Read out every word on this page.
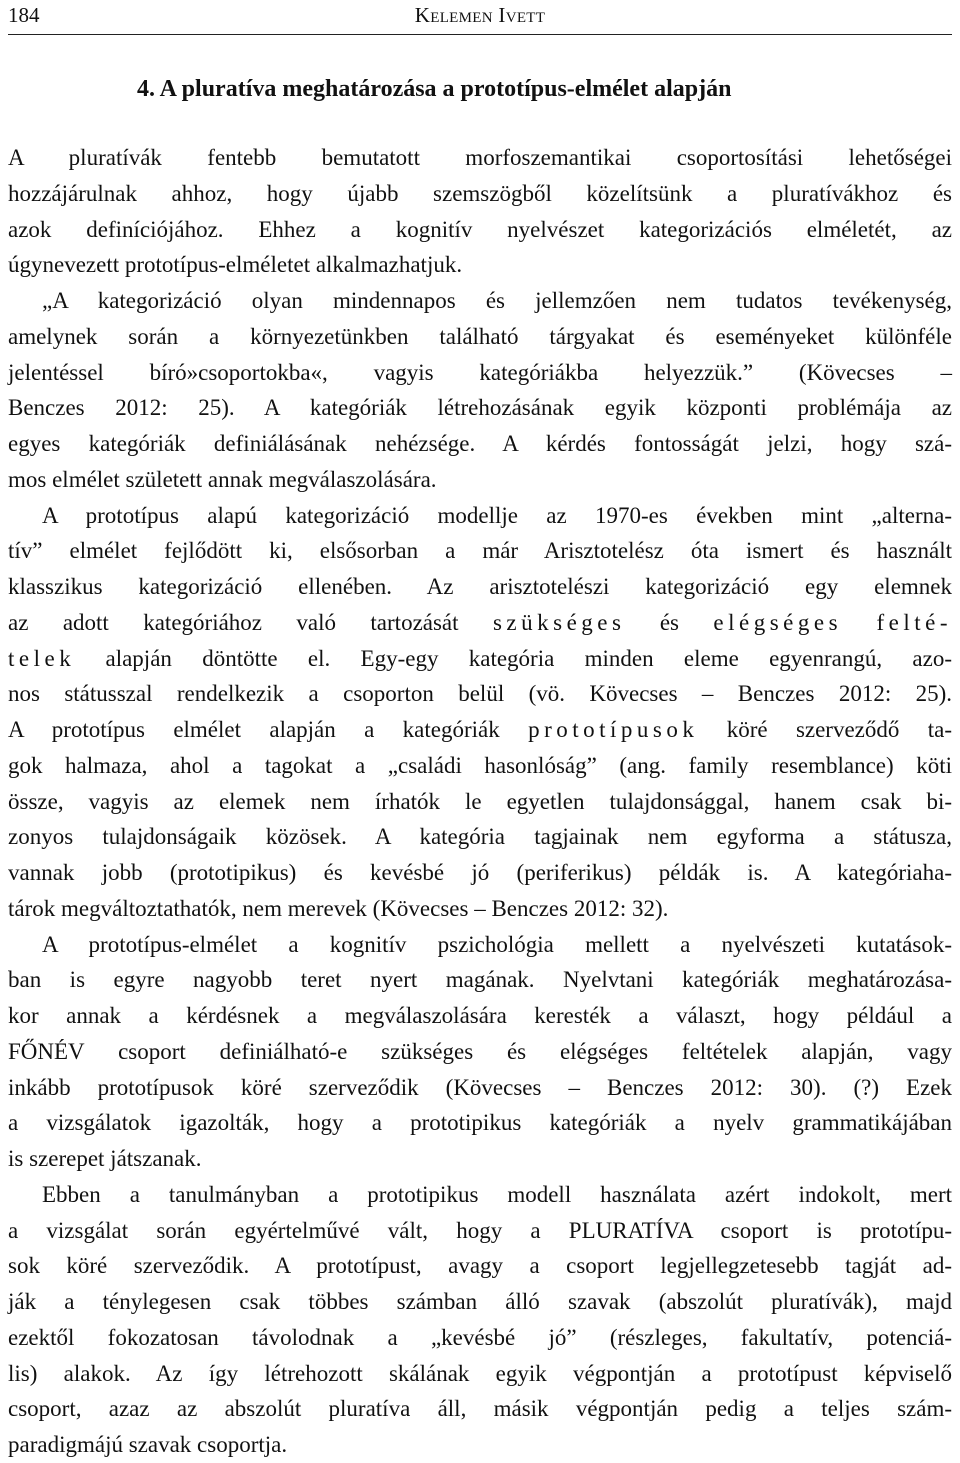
184	Kelemen Ivett
4. A pluratíva meghatározása a prototípus-elmélet alapján
A pluratívák fentebb bemutatott morfoszemantikai csoportosítási lehetőségei
hozzájárulnak ahhoz, hogy újabb szemszögből közelítsünk a pluratívákhoz és
azok definíciójához. Ehhez a kognitív nyelvészet kategorizációs elméletét, az
úgynevezett prototípus-elméletet alkalmazhatjuk.
„A kategorizáció olyan mindennapos és jellemzően nem tudatos tevékenység,
amelynek során a környezetünkben található tárgyakat és eseményeket különféle
jelentéssel bíró»csoportokba«, vagyis kategóriákba helyezzük.” (Kövecses –
Benczes 2012: 25). A kategóriák létrehozásának egyik központi problémája az
egyes kategóriák definiálásának nehézsége. A kérdés fontosságát jelzi, hogy szá-
mos elmélet született annak megválaszolására.
A prototípus alapú kategorizáció modellje az 1970-es években mint „alterna-
tív” elmélet fejlődött ki, elsősorban a már Arisztotelész óta ismert és használt
klasszikus kategorizáció ellenében. Az arisztotelészi kategorizáció egy elemnek
az adott kategóriához való tartozását szükséges és elégséges felté-
telek alapján döntötte el. Egy-egy kategória minden eleme egyenrangú, azo-
nos státusszal rendelkezik a csoporton belül (vö. Kövecses – Benczes 2012: 25).
A prototípus elmélet alapján a kategóriák prototípusok köré szerveződő ta-
gok halmaza, ahol a tagokat a „családi hasonlóság” (ang. family resemblance) köti
össze, vagyis az elemek nem írhatók le egyetlen tulajdonsággal, hanem csak bi-
zonyos tulajdonságaik közösek. A kategória tagjainak nem egyforma a státusza,
vannak jobb (prototipikus) és kevésbé jó (periferikus) példák is. A kategóriaha-
tárok megváltoztathatók, nem merevek (Kövecses – Benczes 2012: 32).
A prototípus-elmélet a kognitív pszichológia mellett a nyelvészeti kutatások-
ban is egyre nagyobb teret nyert magának. Nyelvtani kategóriák meghatározása-
kor annak a kérdésnek a megválaszolására keresték a választ, hogy például a
FŐNÉV csoport definiálható-e szükséges és elégséges feltételek alapján, vagy
inkább prototípusok köré szerveződik (Kövecses – Benczes 2012: 30). (?) Ezek
a vizsgálatok igazolták, hogy a prototipikus kategóriák a nyelv grammatikájában
is szerepet játszanak.
Ebben a tanulmányban a prototipikus modell használata azért indokolt, mert
a vizsgálat során egyértelművé vált, hogy a PLURATÍVA csoport is prototípu-
sok köré szerveződik. A prototípust, avagy a csoport legjellegzetesebb tagját ad-
ják a ténylegesen csak többes számban álló szavak (abszolút pluratívák), majd
ezektől fokozatosan távolodnak a „kevésbé jó” (részleges, fakultatív, potenciá-
lis) alakok. Az így létrehozott skálának egyik végpontján a prototípust képviselő
csoport, azaz az abszolút pluratíva áll, másik végpontján pedig a teljes szám-
paradigmájú szavak csoportja.
